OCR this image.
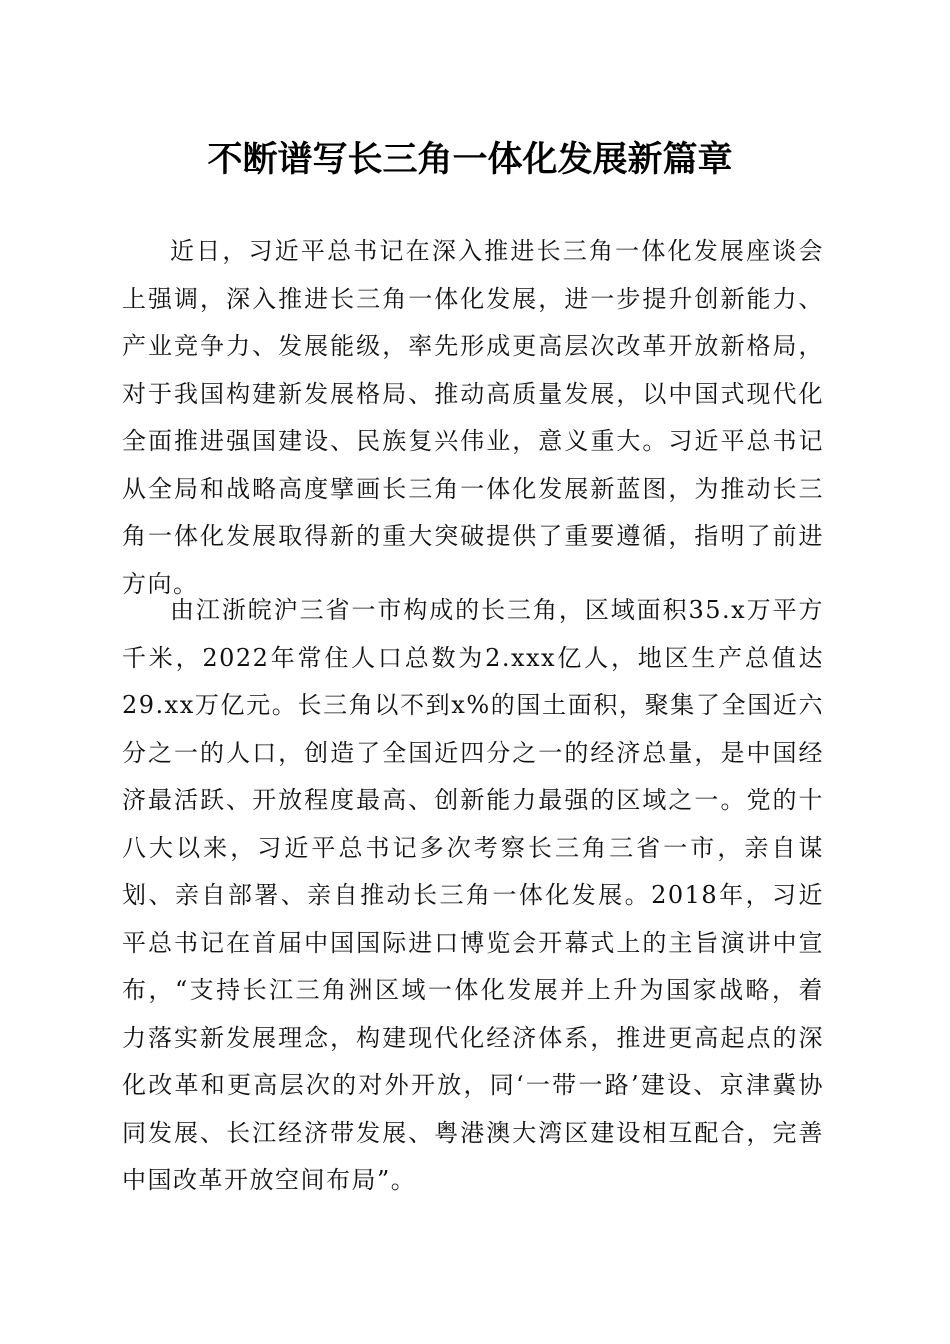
不断谱写长三角一体化发展新篇章

近日，习近平总书记在深入推进长三角一体化发展座谈会上强调，深入推进长三角一体化发展，进一步提升创新能力、产业竞争力、发展能级，率先形成更高层次改革开放新格局，对于我国构建新发展格局、推动高质量发展，以中国式现代化全面推进强国建设、民族复兴伟业，意义重大。习近平总书记从全局和战略高度擘画长三角一体化发展新蓝图，为推动长三角一体化发展取得新的重大突破提供了重要遵循，指明了前进方向。

由江浙皖沪三省一市构成的长三角，区域面积35.x万平方千米，2022年常住人口总数为2.xxx亿人，地区生产总值达29.xx万亿元。长三角以不到x%的国土面积，聚集了全国近六分之一的人口，创造了全国近四分之一的经济总量，是中国经济最活跃、开放程度最高、创新能力最强的区域之一。党的十八大以来，习近平总书记多次考察长三角三省一市，亲自谋划、亲自部署、亲自推动长三角一体化发展。2018年，习近平总书记在首届中国国际进口博览会开幕式上的主旨演讲中宣布，“支持长江三角洲区域一体化发展并上升为国家战略，着力落实新发展理念，构建现代化经济体系，推进更高起点的深化改革和更高层次的对外开放，同‘一带一路’建设、京津冀协同发展、长江经济带发展、粤港澳大湾区建设相互配合，完善中国改革开放空间布局”。
